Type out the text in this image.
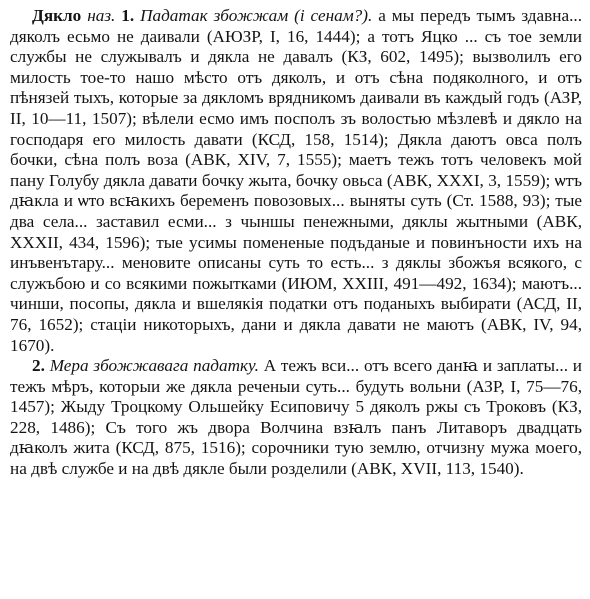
Дякло наз. 1. Падатак збожжам (і сенам?). а мы передъ тымъ здавна... дяколъ есьмо не даивали (АЮЗР, I, 16, 1444); а тотъ Яцко ... съ тое земли службы не служывалъ и дякла не давалъ (КЗ, 602, 1495); вызволилъ его милость тое-то нашо мѣсто отъ дяколъ, и отъ сѣна подяколного, и отъ пѣнязей тыхъ, которые за дякломъ врядникомъ даивали въ каждый годъ (АЗР, II, 10—11, 1507); вѣлели есмо имъ посполъ зъ волостью мѣзлевѣ и дякло на господаря его милость давати (КСД, 158, 1514); Дякла даютъ овса полъ бочки, сѣна полъ воза (АВК, XIV, 7, 1555); маетъ тежъ тотъ человекъ мой пану Голубу дякла давати бочку жыта, бочку овьса (АВК, XXXI, 3, 1559); ѡтъ дꙗкла и ѡто всꙗкихъ беременъ повозовых... выняты суть (Ст. 1588, 93); тые два села... заставил есми... з чыншы пенежными, дяклы жытными (АВК, XXXII, 434, 1596); тые усимы помененые подъданые и повинъности ихъ на инъвенътару... меновите описаны суть то есть... з дяклы збожъя всякого, с служъбою и со всякими пожытками (ИЮМ, XXIII, 491—492, 1634); маютъ... чинши, посопы, дякла и вшелякія податки отъ поданыхъ выбирати (АСД, II, 76, 1652); стаціи никоторыхъ, дани и дякла давати не маютъ (АВК, IV, 94, 1670).

2. Мера збожжавага падатку. А тежъ вси... отъ всего данꙗ и заплаты... и тежъ мѣръ, которыи же дякла реченыи суть... будуть вольни (АЗР, I, 75—76, 1457); Жыду Троцкому Ольшейку Есиповичу 5 дяколъ ржы съ Троковъ (КЗ, 228, 1486); Съ того жъ двора Волчина взꙗлъ панъ Литаворъ двадцать дꙗколъ жита (КСД, 875, 1516); сорочники тую землю, отчизну мужа моего, на двѣ службе и на двѣ дякле были розделили (АВК, XVII, 113, 1540).
